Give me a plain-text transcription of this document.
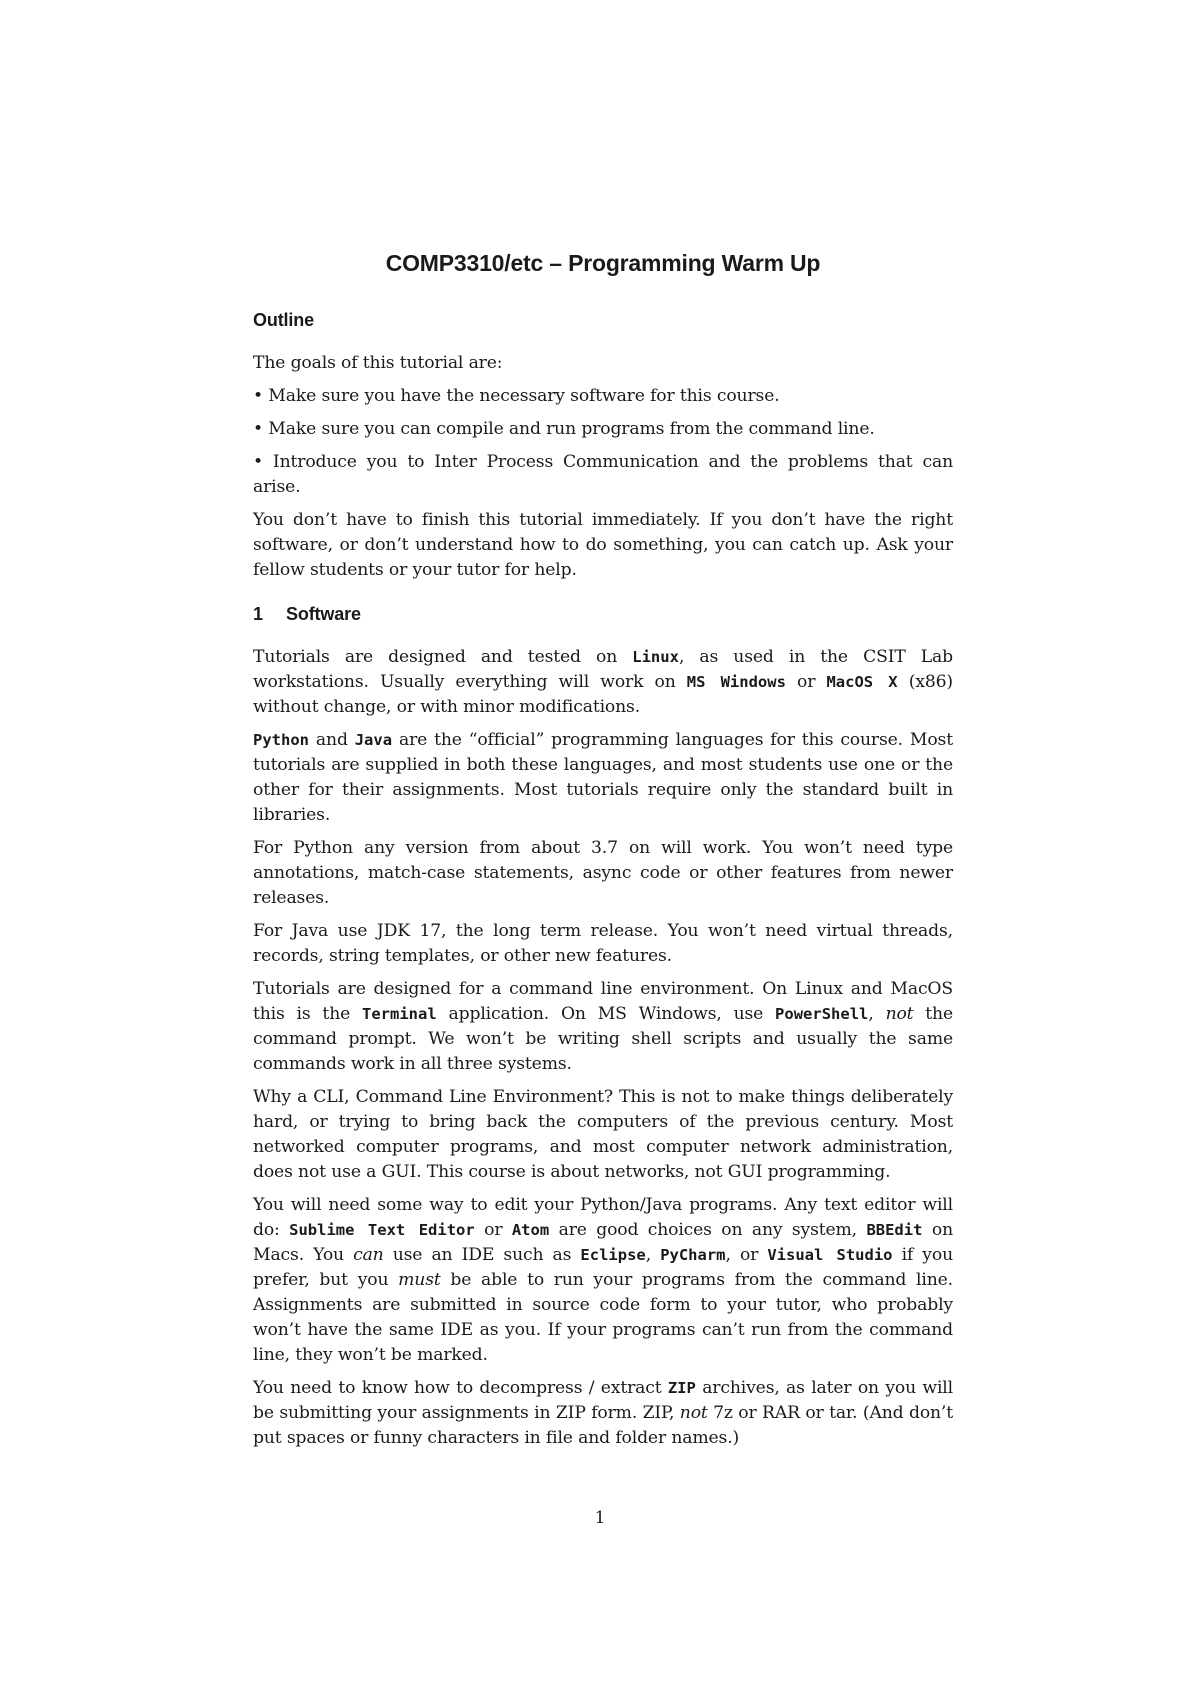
COMP3310/etc – Programming Warm Up
Outline

The goals of this tutorial are:

• Make sure you have the necessary software for this course.

• Make sure you can compile and run programs from the command line.

• Introduce you to Inter Process Communication and the problems that can arise.

You don’t have to finish this tutorial immediately. If you don’t have the right software, or don’t understand how to do something, you can catch up. Ask your fellow students or your tutor for help.

1 Software

Tutorials are designed and tested on Linux, as used in the CSIT Lab workstations. Usually everything will work on MS Windows or MacOS X (x86) without change, or with minor modifications.

Python and Java are the “official” programming languages for this course. Most tutorials are supplied in both these languages, and most students use one or the other for their assignments. Most tutorials require only the standard built in libraries.

For Python any version from about 3.7 on will work. You won’t need type annotations, match-case statements, async code or other features from newer releases.

For Java use JDK 17, the long term release. You won’t need virtual threads, records, string templates, or other new features.

Tutorials are designed for a command line environment. On Linux and MacOS this is the Terminal application. On MS Windows, use PowerShell, not the command prompt. We won’t be writing shell scripts and usually the same commands work in all three systems.

Why a CLI, Command Line Environment? This is not to make things deliberately hard, or trying to bring back the computers of the previous century. Most networked computer programs, and most computer network administration, does not use a GUI. This course is about networks, not GUI programming.

You will need some way to edit your Python/Java programs. Any text editor will do: Sublime Text Editor or Atom are good choices on any system, BBEdit on Macs. You can use an IDE such as Eclipse, PyCharm, or Visual Studio if you prefer, but you must be able to run your programs from the command line. Assignments are submitted in source code form to your tutor, who probably won’t have the same IDE as you. If your programs can’t run from the command line, they won’t be marked.

You need to know how to decompress / extract ZIP archives, as later on you will be submitting your assignments in ZIP form. ZIP, not 7z or RAR or tar. (And don’t put spaces or funny characters in file and folder names.)

1
